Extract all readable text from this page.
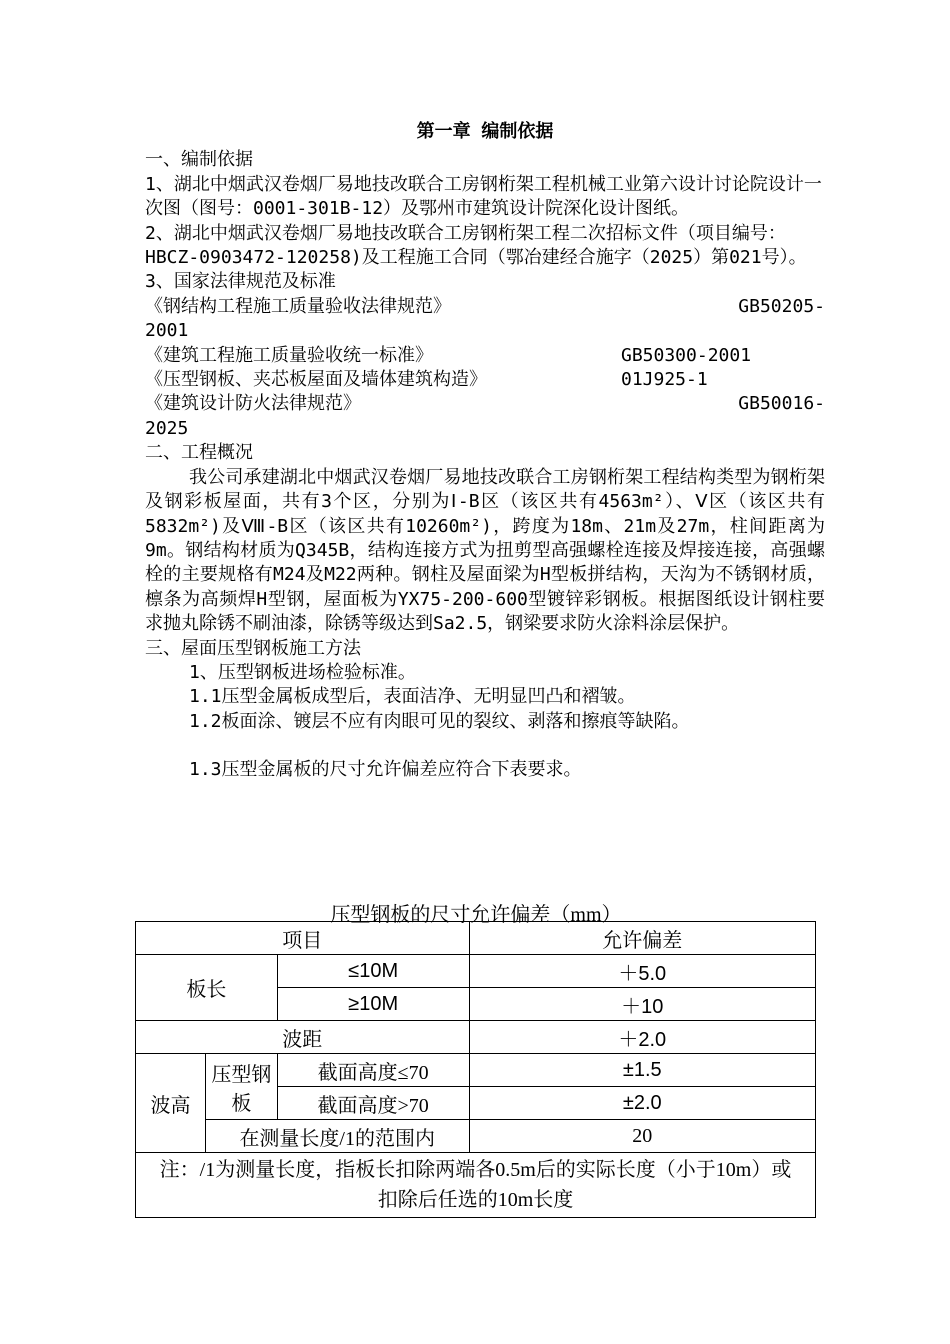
第一章 编制依据

一、编制依据

1、湖北中烟武汉卷烟厂易地技改联合工房钢桁架工程机械工业第六设计讨论院设计一次图（图号：0001-301B-12）及鄂州市建筑设计院深化设计图纸。

2、湖北中烟武汉卷烟厂易地技改联合工房钢桁架工程二次招标文件（项目编号：HBCZ-0903472-120258)及工程施工合同（鄂冶建经合施字（2025）第021号）。

3、国家法律规范及标准

《钢结构工程施工质量验收法律规范》	GB50205-
2001
《建筑工程施工质量验收统一标准》	GB50300-2001
《压型钢板、夹芯板屋面及墙体建筑构造》	01J925-1
《建筑设计防火法律规范》	GB50016-
2025

二、工程概况

我公司承建湖北中烟武汉卷烟厂易地技改联合工房钢桁架工程结构类型为钢桁架及钢彩板屋面，共有3个区，分别为Ⅰ-B区（该区共有4563m²）、Ⅴ区（该区共有5832m²)及Ⅷ-B区（该区共有10260m²)，跨度为18m、21m及27m，柱间距离为9m。钢结构材质为Q345B，结构连接方式为扭剪型高强螺栓连接及焊接连接，高强螺栓的主要规格有M24及M22两种。钢柱及屋面梁为H型板拼结构，天沟为不锈钢材质，檩条为高频焊H型钢，屋面板为YX75-200-600型镀锌彩钢板。根据图纸设计钢柱要求抛丸除锈不刷油漆，除锈等级达到Sa2.5，钢梁要求防火涂料涂层保护。

三、屋面压型钢板施工方法

1、压型钢板进场检验标准。

1.1压型金属板成型后，表面洁净、无明显凹凸和褶皱。

1.2板面涂、镀层不应有肉眼可见的裂纹、剥落和擦痕等缺陷。

1.3压型金属板的尺寸允许偏差应符合下表要求。

压型钢板的尺寸允许偏差（mm）
项目			允许偏差
板长		≤10M	＋5.0
		≥10M	＋10
波距			＋2.0
波高	压型钢板	截面高度≤70	±1.5
		截面高度>70	±2.0
	在测量长度/1的范围内		20
注：/1为测量长度，指板长扣除两端各0.5m后的实际长度（小于10m）或扣除后任选的10m长度			
